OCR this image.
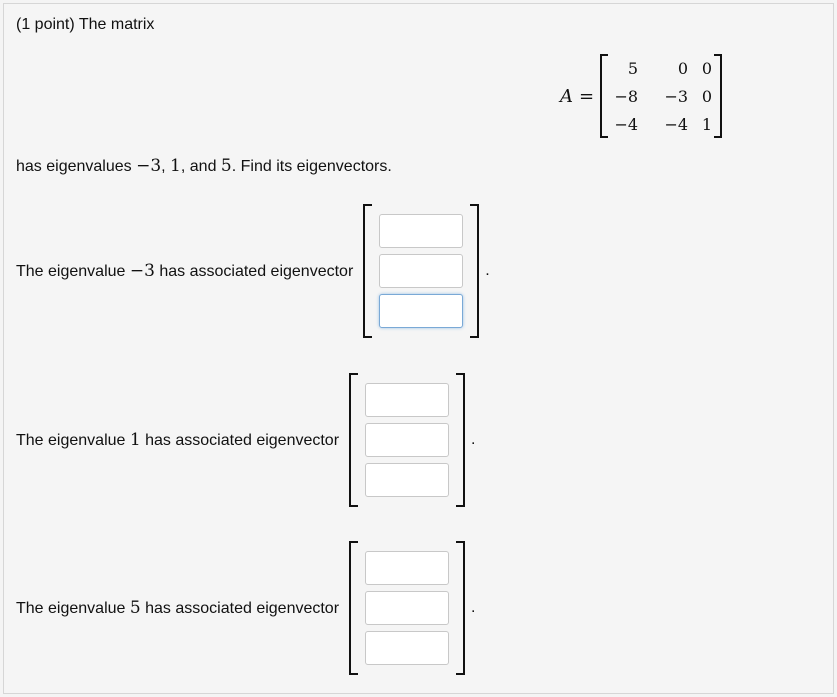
(1 point) The matrix
A =
5	0 0
−8	−3 0
−4	−4 1
has eigenvalues −3, 1, and 5. Find its eigenvectors.
The eigenvalue −3 has associated eigenvector	.
The eigenvalue 1 has associated eigenvector	.
The eigenvalue 5 has associated eigenvector	.
